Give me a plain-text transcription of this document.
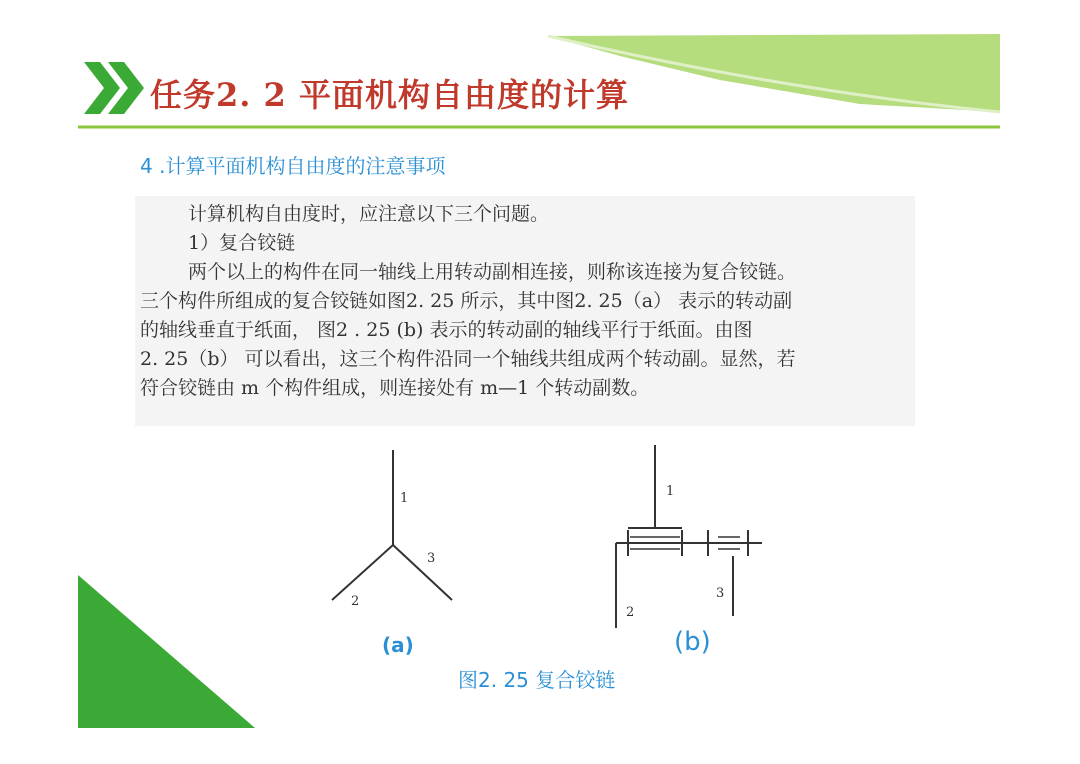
任务2. 2 平面机构自由度的计算
4 .计算平面机构自由度的注意事项
计算机构自由度时，应注意以下三个问题。
1）复合铰链
两个以上的构件在同一轴线上用转动副相连接，则称该连接为复合铰链。
三个构件所组成的复合铰链如图2. 25 所示，其中图2. 25（a） 表示的转动副
的轴线垂直于纸面， 图2 . 25 (b) 表示的转动副的轴线平行于纸面。由图
2. 25（b） 可以看出，这三个构件沿同一个轴线共组成两个转动副。显然，若
符合铰链由 m 个构件组成，则连接处有 m—1 个转动副数。
1
2
3
1
2
3
(a)	(b)
图2. 25 复合铰链
